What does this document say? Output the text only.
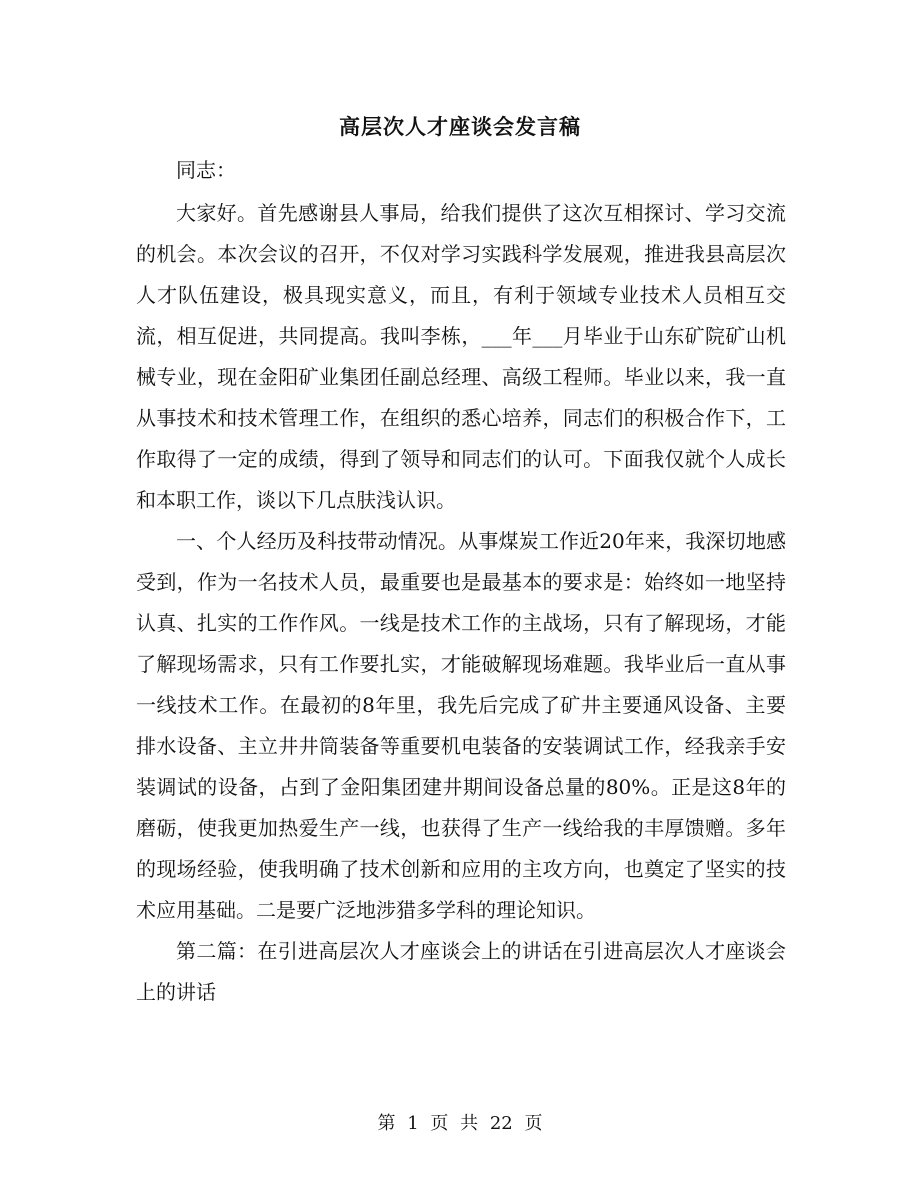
高层次人才座谈会发言稿

同志：

大家好。首先感谢县人事局，给我们提供了这次互相探讨、学习交流的机会。本次会议的召开，不仅对学习实践科学发展观，推进我县高层次人才队伍建设，极具现实意义，而且，有利于领域专业技术人员相互交流，相互促进，共同提高。我叫李栋，___年___月毕业于山东矿院矿山机械专业，现在金阳矿业集团任副总经理、高级工程师。毕业以来，我一直从事技术和技术管理工作，在组织的悉心培养，同志们的积极合作下，工作取得了一定的成绩，得到了领导和同志们的认可。下面我仅就个人成长和本职工作，谈以下几点肤浅认识。

一、个人经历及科技带动情况。从事煤炭工作近20年来，我深切地感受到，作为一名技术人员，最重要也是最基本的要求是：始终如一地坚持认真、扎实的工作作风。一线是技术工作的主战场，只有了解现场，才能了解现场需求，只有工作要扎实，才能破解现场难题。我毕业后一直从事一线技术工作。在最初的8年里，我先后完成了矿井主要通风设备、主要排水设备、主立井井筒装备等重要机电装备的安装调试工作，经我亲手安装调试的设备，占到了金阳集团建井期间设备总量的80%。正是这8年的磨砺，使我更加热爱生产一线，也获得了生产一线给我的丰厚馈赠。多年的现场经验，使我明确了技术创新和应用的主攻方向，也奠定了坚实的技术应用基础。二是要广泛地涉猎多学科的理论知识。

第二篇：在引进高层次人才座谈会上的讲话在引进高层次人才座谈会上的讲话

第 1 页 共 22 页
